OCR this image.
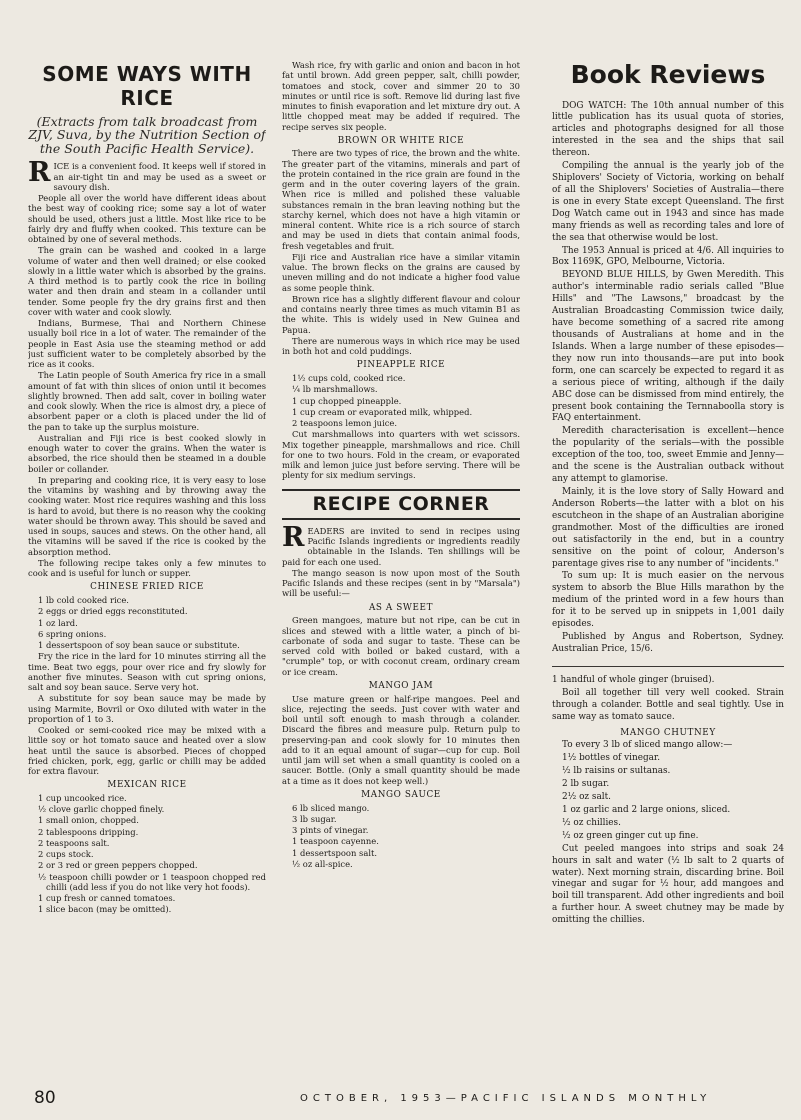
SOME WAYS WITH RICE
(Extracts from talk broadcast from ZJV, Suva, by the Nutrition Section of the South Pacific Health Service).

RICE is a convenient food. It keeps well if stored in an air-tight tin and may be used as a sweet or savoury dish.

People all over the world have different ideas about the best way of cooking rice; some say a lot of water should be used, others just a little. Most like rice to be fairly dry and fluffy when cooked. This texture can be obtained by one of several methods.

The grain can be washed and cooked in a large volume of water and then well drained; or else cooked slowly in a little water which is absorbed by the grains. A third method is to partly cook the rice in boiling water and then drain and steam in a collander until tender. Some people fry the dry grains first and then cover with water and cook slowly.

Indians, Burmese, Thai and Northern Chinese usually boil rice in a lot of water. The remainder of the people in East Asia use the steaming method or add just sufficient water to be completely absorbed by the rice as it cooks.

The Latin people of South America fry rice in a small amount of fat with thin slices of onion until it becomes slightly browned. Then add salt, cover in boiling water and cook slowly. When the rice is almost dry, a piece of absorbent paper or a cloth is placed under the lid of the pan to take up the surplus moisture.

Australian and Fiji rice is best cooked slowly in enough water to cover the grains. When the water is absorbed, the rice should then be steamed in a double boiler or collander.

In preparing and cooking rice, it is very easy to lose the vitamins by washing and by throwing away the cooking water. Most rice requires washing and this loss is hard to avoid, but there is no reason why the cooking water should be thrown away. This should be saved and used in soups, sauces and stews. On the other hand, all the vitamins will be saved if the rice is cooked by the absorption method.

The following recipe takes only a few minutes to cook and is useful for lunch or supper.

CHINESE FRIED RICE

1 lb cold cooked rice.

2 eggs or dried eggs reconstituted.

1 oz lard.

6 spring onions.

1 dessertspoon of soy bean sauce or substitute.

Fry the rice in the lard for 10 minutes stirring all the time. Beat two eggs, pour over rice and fry slowly for another five minutes. Season with cut spring onions, salt and soy bean sauce. Serve very hot.

A substitute for soy bean sauce may be made by using Marmite, Bovril or Oxo diluted with water in the proportion of 1 to 3.

Cooked or semi-cooked rice may be mixed with a little soy or hot tomato sauce and heated over a slow heat until the sauce is absorbed. Pieces of chopped fried chicken, pork, egg, garlic or chilli may be added for extra flavour.

MEXICAN RICE

1 cup uncooked rice.

½ clove garlic chopped finely.

1 small onion, chopped.

2 tablespoons dripping.

2 teaspoons salt.

2 cups stock.

2 or 3 red or green peppers chopped.

½ teaspoon chilli powder or 1 teaspoon chopped red chilli (add less if you do not like very hot foods).

1 cup fresh or canned tomatoes.

1 slice bacon (may be omitted).

Wash rice, fry with garlic and onion and bacon in hot fat until brown. Add green pepper, salt, chilli powder, tomatoes and stock, cover and simmer 20 to 30 minutes or until rice is soft. Remove lid during last five minutes to finish evaporation and let mixture dry out. A little chopped meat may be added if required. The recipe serves six people.

BROWN OR WHITE RICE

There are two types of rice, the brown and the white. The greater part of the vitamins, minerals and part of the protein contained in the rice grain are found in the germ and in the outer covering layers of the grain. When rice is milled and polished these valuable substances remain in the bran leaving nothing but the starchy kernel, which does not have a high vitamin or mineral content. White rice is a rich source of starch and may be used in diets that contain animal foods, fresh vegetables and fruit.

Fiji rice and Australian rice have a similar vitamin value. The brown flecks on the grains are caused by uneven milling and do not indicate a higher food value as some people think.

Brown rice has a slightly different flavour and colour and contains nearly three times as much vitamin B1 as the white. This is widely used in New Guinea and Papua.

There are numerous ways in which rice may be used in both hot and cold puddings.

PINEAPPLE RICE

1½ cups cold, cooked rice.

¼ lb marshmallows.

1 cup chopped pineapple.

1 cup cream or evaporated milk, whipped.

2 teaspoons lemon juice.

Cut marshmallows into quarters with wet scissors. Mix together pineapple, marshmallows and rice. Chill for one to two hours. Fold in the cream, or evaporated milk and lemon juice just before serving. There will be plenty for six medium servings.

RECIPE CORNER

READERS are invited to send in recipes using Pacific Islands ingredients or ingredients readily obtainable in the Islands. Ten shillings will be paid for each one used.

The mango season is now upon most of the South Pacific Islands and these recipes (sent in by "Marsala") will be useful:—

AS A SWEET

Green mangoes, mature but not ripe, can be cut in slices and stewed with a little water, a pinch of bi-carbonate of soda and sugar to taste. These can be served cold with boiled or baked custard, with a "crumple" top, or with coconut cream, ordinary cream or ice cream.

MANGO JAM

Use mature green or half-ripe mangoes. Peel and slice, rejecting the seeds. Just cover with water and boil until soft enough to mash through a colander. Discard the fibres and measure pulp. Return pulp to preserving-pan and cook slowly for 10 minutes then add to it an equal amount of sugar—cup for cup. Boil until jam will set when a small quantity is cooled on a saucer. Bottle. (Only a small quantity should be made at a time as it does not keep well.)

MANGO SAUCE

6 lb sliced mango.

3 lb sugar.

3 pints of vinegar.

1 teaspoon cayenne.

1 dessertspoon salt.

½ oz all-spice.

Book Reviews

DOG WATCH: The 10th annual number of this little publication has its usual quota of stories, articles and photographs designed for all those interested in the sea and the ships that sail thereon.

Compiling the annual is the yearly job of the Shiplovers' Society of Victoria, working on behalf of all the Shiplovers' Societies of Australia—there is one in every State except Queensland. The first Dog Watch came out in 1943 and since has made many friends as well as recording tales and lore of the sea that otherwise would be lost.

The 1953 Annual is priced at 4/6. All inquiries to Box 1169K, GPO, Melbourne, Victoria.

BEYOND BLUE HILLS, by Gwen Meredith. This author's interminable radio serials called "Blue Hills" and "The Lawsons," broadcast by the Australian Broadcasting Commission twice daily, have become something of a sacred rite among thousands of Australians at home and in the Islands. When a large number of these episodes—they now run into thousands—are put into book form, one can scarcely be expected to regard it as a serious piece of writing, although if the daily ABC dose can be dismissed from mind entirely, the present book containing the Ternnaboolla story is FAQ entertainment.

Meredith characterisation is excellent—hence the popularity of the serials—with the possible exception of the too, too, sweet Emmie and Jenny—and the scene is the Australian outback without any attempt to glamorise.

Mainly, it is the love story of Sally Howard and Anderson Roberts—the latter with a blot on his escutcheon in the shape of an Australian aborigine grandmother. Most of the difficulties are ironed out satisfactorily in the end, but in a country sensitive on the point of colour, Anderson's parentage gives rise to any number of "incidents."

To sum up: It is much easier on the nervous system to absorb the Blue Hills marathon by the medium of the printed word in a few hours than for it to be served up in snippets in 1,001 daily episodes.

Published by Angus and Robertson, Sydney. Australian Price, 15/6.

1 handful of whole ginger (bruised).

Boil all together till very well cooked. Strain through a colander. Bottle and seal tightly. Use in same way as tomato sauce.

MANGO CHUTNEY

To every 3 lb of sliced mango allow:—

1½ bottles of vinegar.

½ lb raisins or sultanas.

2 lb sugar.

2½ oz salt.

1 oz garlic and 2 large onions, sliced.

½ oz chillies.

½ oz green ginger cut up fine.

Cut peeled mangoes into strips and soak 24 hours in salt and water (½ lb salt to 2 quarts of water). Next morning strain, discarding brine. Boil vinegar and sugar for ½ hour, add mangoes and boil till transparent. Add other ingredients and boil a further hour. A sweet chutney may be made by omitting the chillies.

80	OCTOBER, 1953—PACIFIC ISLANDS MONTHLY
